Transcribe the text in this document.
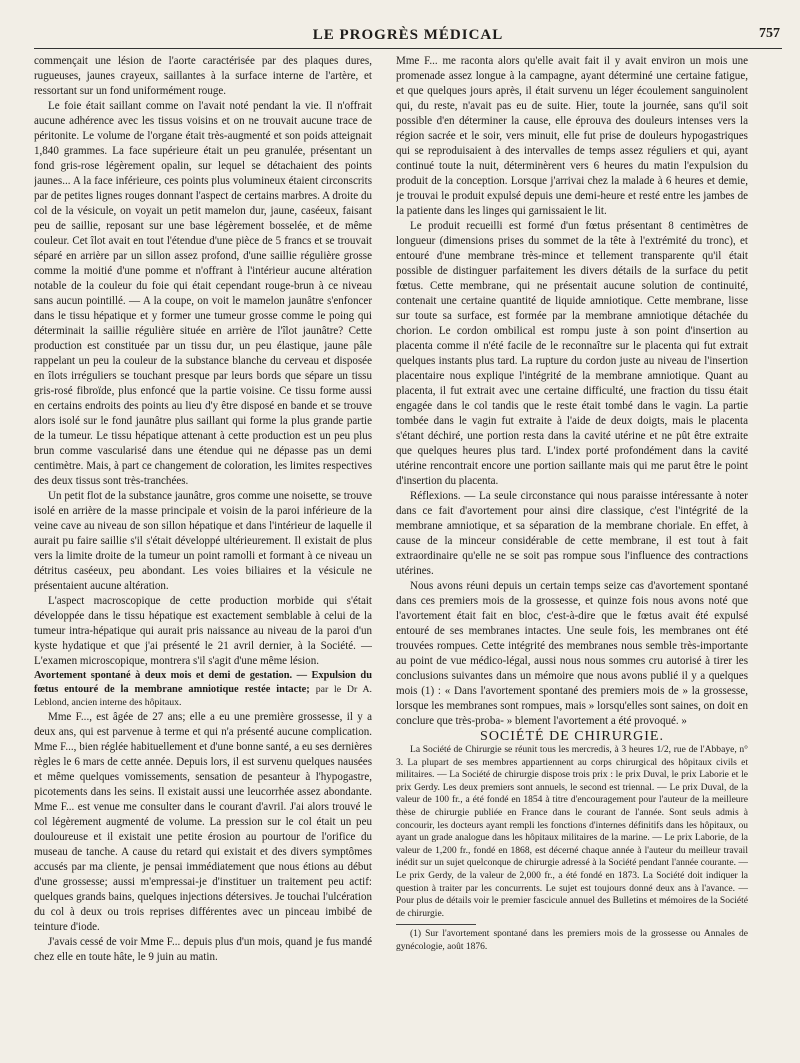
LE PROGRÈS MÉDICAL	757

commençait une lésion de l'aorte caractérisée par des plaques dures, rugueuses, jaunes crayeux, saillantes à la surface interne de l'artère, et ressortant sur un fond uniformément rouge.

Le foie était saillant comme on l'avait noté pendant la vie. Il n'offrait aucune adhérence avec les tissus voisins et on ne trouvait aucune trace de péritonite. Le volume de l'organe était très-augmenté et son poids atteignait 1,840 grammes. La face supérieure était un peu granulée, présentant un fond gris-rose légèrement opalin, sur lequel se détachaient des points jaunes... A la face inférieure, ces points plus volumineux étaient circonscrits par de petites lignes rouges donnant l'aspect de certains marbres. A droite du col de la vésicule, on voyait un petit mamelon dur, jaune, caséeux, faisant peu de saillie, reposant sur une base légèrement bosselée, et de même couleur. Cet îlot avait en tout l'étendue d'une pièce de 5 francs et se trouvait séparé en arrière par un sillon assez profond, d'une saillie régulière grosse comme la moitié d'une pomme et n'offrant à l'intérieur aucune altération notable de la couleur du foie qui était cependant rouge-brun à ce niveau sans aucun pointillé. — A la coupe, on voit le mamelon jaunâtre s'enfoncer dans le tissu hépatique et y former une tumeur grosse comme le poing qui déterminait la saillie régulière située en arrière de l'îlot jaunâtre? Cette production est constituée par un tissu dur, un peu élastique, jaune pâle rappelant un peu la couleur de la substance blanche du cerveau et disposée en îlots irréguliers se touchant presque par leurs bords que sépare un tissu gris-rosé fibroïde, plus enfoncé que la partie voisine. Ce tissu forme aussi en certains endroits des points au lieu d'y être disposé en bande et se trouve alors isolé sur le fond jaunâtre plus saillant qui forme la plus grande partie de la tumeur. Le tissu hépatique attenant à cette production est un peu plus brun comme vascularisé dans une étendue qui ne dépasse pas un demi centimètre. Mais, à part ce changement de coloration, les limites respectives des deux tissus sont très-tranchées.

Un petit flot de la substance jaunâtre, gros comme une noisette, se trouve isolé en arrière de la masse principale et voisin de la paroi inférieure de la veine cave au niveau de son sillon hépatique et dans l'intérieur de laquelle il aurait pu faire saillie s'il s'était développé ultérieurement. Il existait de plus vers la limite droite de la tumeur un point ramolli et formant à ce niveau un détritus caséeux, peu abondant. Les voies biliaires et la vésicule ne présentaient aucune altération.

L'aspect macroscopique de cette production morbide qui s'était développée dans le tissu hépatique est exactement semblable à celui de la tumeur intra-hépatique qui aurait pris naissance au niveau de la paroi d'un kyste hydatique et que j'ai présenté le 21 avril dernier, à la Société. — L'examen microscopique, montrera s'il s'agit d'une même lésion.

Avortement spontané à deux mois et demi de gestation. — Expulsion du fœtus entouré de la membrane amniotique restée intacte; par le Dr A. Leblond, ancien interne des hôpitaux.

Mme F..., est âgée de 27 ans; elle a eu une première grossesse, il y a deux ans, qui est parvenue à terme et qui n'a présenté aucune complication. Mme F..., bien réglée habituellement et d'une bonne santé, a eu ses dernières règles le 6 mars de cette année. Depuis lors, il est survenu quelques nausées et même quelques vomissements, sensation de pesanteur à l'hypogastre, picotements dans les seins. Il existait aussi une leucorrhée assez abondante. Mme F... est venue me consulter dans le courant d'avril. J'ai alors trouvé le col légèrement augmenté de volume. La pression sur le col était un peu douloureuse et il existait une petite érosion au pourtour de l'orifice du museau de tanche. A cause du retard qui existait et des divers symptômes accusés par ma cliente, je pensai immédiatement que nous étions au début d'une grossesse; aussi m'empressai-je d'instituer un traitement peu actif: quelques grands bains, quelques injections détersives. Je touchai l'ulcération du col à deux ou trois reprises différentes avec un pinceau imbibé de teinture d'iode.

J'avais cessé de voir Mme F... depuis plus d'un mois, quand je fus mandé chez elle en toute hâte, le 9 juin au matin.

Mme F... me raconta alors qu'elle avait fait il y avait environ un mois une promenade assez longue à la campagne, ayant déterminé une certaine fatigue, et que quelques jours après, il était survenu un léger écoulement sanguinolent qui, du reste, n'avait pas eu de suite. Hier, toute la journée, sans qu'il soit possible d'en déterminer la cause, elle éprouva des douleurs intenses vers la région sacrée et le soir, vers minuit, elle fut prise de douleurs hypogastriques qui se reproduisaient à des intervalles de temps assez réguliers et qui, ayant continué toute la nuit, déterminèrent vers 6 heures du matin l'expulsion du produit de la conception. Lorsque j'arrivai chez la malade à 6 heures et demie, je trouvai le produit expulsé depuis une demi-heure et resté entre les jambes de la patiente dans les linges qui garnissaient le lit.

Le produit recueilli est formé d'un fœtus présentant 8 centimètres de longueur (dimensions prises du sommet de la tête à l'extrémité du tronc), et entouré d'une membrane très-mince et tellement transparente qu'il était possible de distinguer parfaitement les divers détails de la surface du petit fœtus. Cette membrane, qui ne présentait aucune solution de continuité, contenait une certaine quantité de liquide amniotique. Cette membrane, lisse sur toute sa surface, est formée par la membrane amniotique détachée du chorion. Le cordon ombilical est rompu juste à son point d'insertion au placenta comme il n'été facile de le reconnaître sur le placenta qui fut extrait quelques instants plus tard. La rupture du cordon juste au niveau de l'insertion placentaire nous explique l'intégrité de la membrane amniotique. Quant au placenta, il fut extrait avec une certaine difficulté, une fraction du tissu était engagée dans le col tandis que le reste était tombé dans le vagin. La partie tombée dans le vagin fut extraite à l'aide de deux doigts, mais le placenta s'étant déchiré, une portion resta dans la cavité utérine et ne pût être extraite que quelques heures plus tard. L'index porté profondément dans la cavité utérine rencontrait encore une portion saillante mais qui me parut être le point d'insertion du placenta.

Réflexions. — La seule circonstance qui nous paraisse intéressante à noter dans ce fait d'avortement pour ainsi dire classique, c'est l'intégrité de la membrane amniotique, et sa séparation de la membrane choriale. En effet, à cause de la minceur considérable de cette membrane, il est tout à fait extraordinaire qu'elle ne se soit pas rompue sous l'influence des contractions utérines.

Nous avons réuni depuis un certain temps seize cas d'avortement spontané dans ces premiers mois de la grossesse, et quinze fois nous avons noté que l'avortement était fait en bloc, c'est-à-dire que le fœtus avait été expulsé entouré de ses membranes intactes. Une seule fois, les membranes ont été trouvées rompues. Cette intégrité des membranes nous semble très-importante au point de vue médico-légal, aussi nous nous sommes cru autorisé à tirer les conclusions suivantes dans un mémoire que nous avons publié il y a quelques mois (1) : « Dans l'avortement spontané des premiers mois de » la grossesse, lorsque les membranes sont rompues, mais » lorsqu'elles sont saines, on doit en conclure que très-proba- » blement l'avortement a été provoqué. »

SOCIÉTÉ DE CHIRURGIE.

La Société de Chirurgie se réunit tous les mercredis, à 3 heures 1/2, rue de l'Abbaye, n° 3. La plupart de ses membres appartiennent au corps chirurgical des hôpitaux civils et militaires. — La Société de chirurgie dispose trois prix : le prix Duval, le prix Laborie et le prix Gerdy. Les deux premiers sont annuels, le second est triennal. — Le prix Duval, de la valeur de 100 fr., a été fondé en 1854 à titre d'encouragement pour l'auteur de la meilleure thèse de chirurgie publiée en France dans le courant de l'année. Sont seuls admis à concourir, les docteurs ayant rempli les fonctions d'internes définitifs dans les hôpitaux, ou ayant un grade analogue dans les hôpitaux militaires de la marine. — Le prix Laborie, de la valeur de 1,200 fr., fondé en 1868, est décerné chaque année à l'auteur du meilleur travail inédit sur un sujet quelconque de chirurgie adressé à la Société pendant l'année courante. — Le prix Gerdy, de la valeur de 2,000 fr., a été fondé en 1873. La Société doit indiquer la question à traiter par les concurrents. Le sujet est toujours donné deux ans à l'avance. — Pour plus de détails voir le premier fascicule annuel des Bulletins et mémoires de la Société de chirurgie.

(1) Sur l'avortement spontané dans les premiers mois de la grossesse ou Annales de gynécologie, août 1876.
